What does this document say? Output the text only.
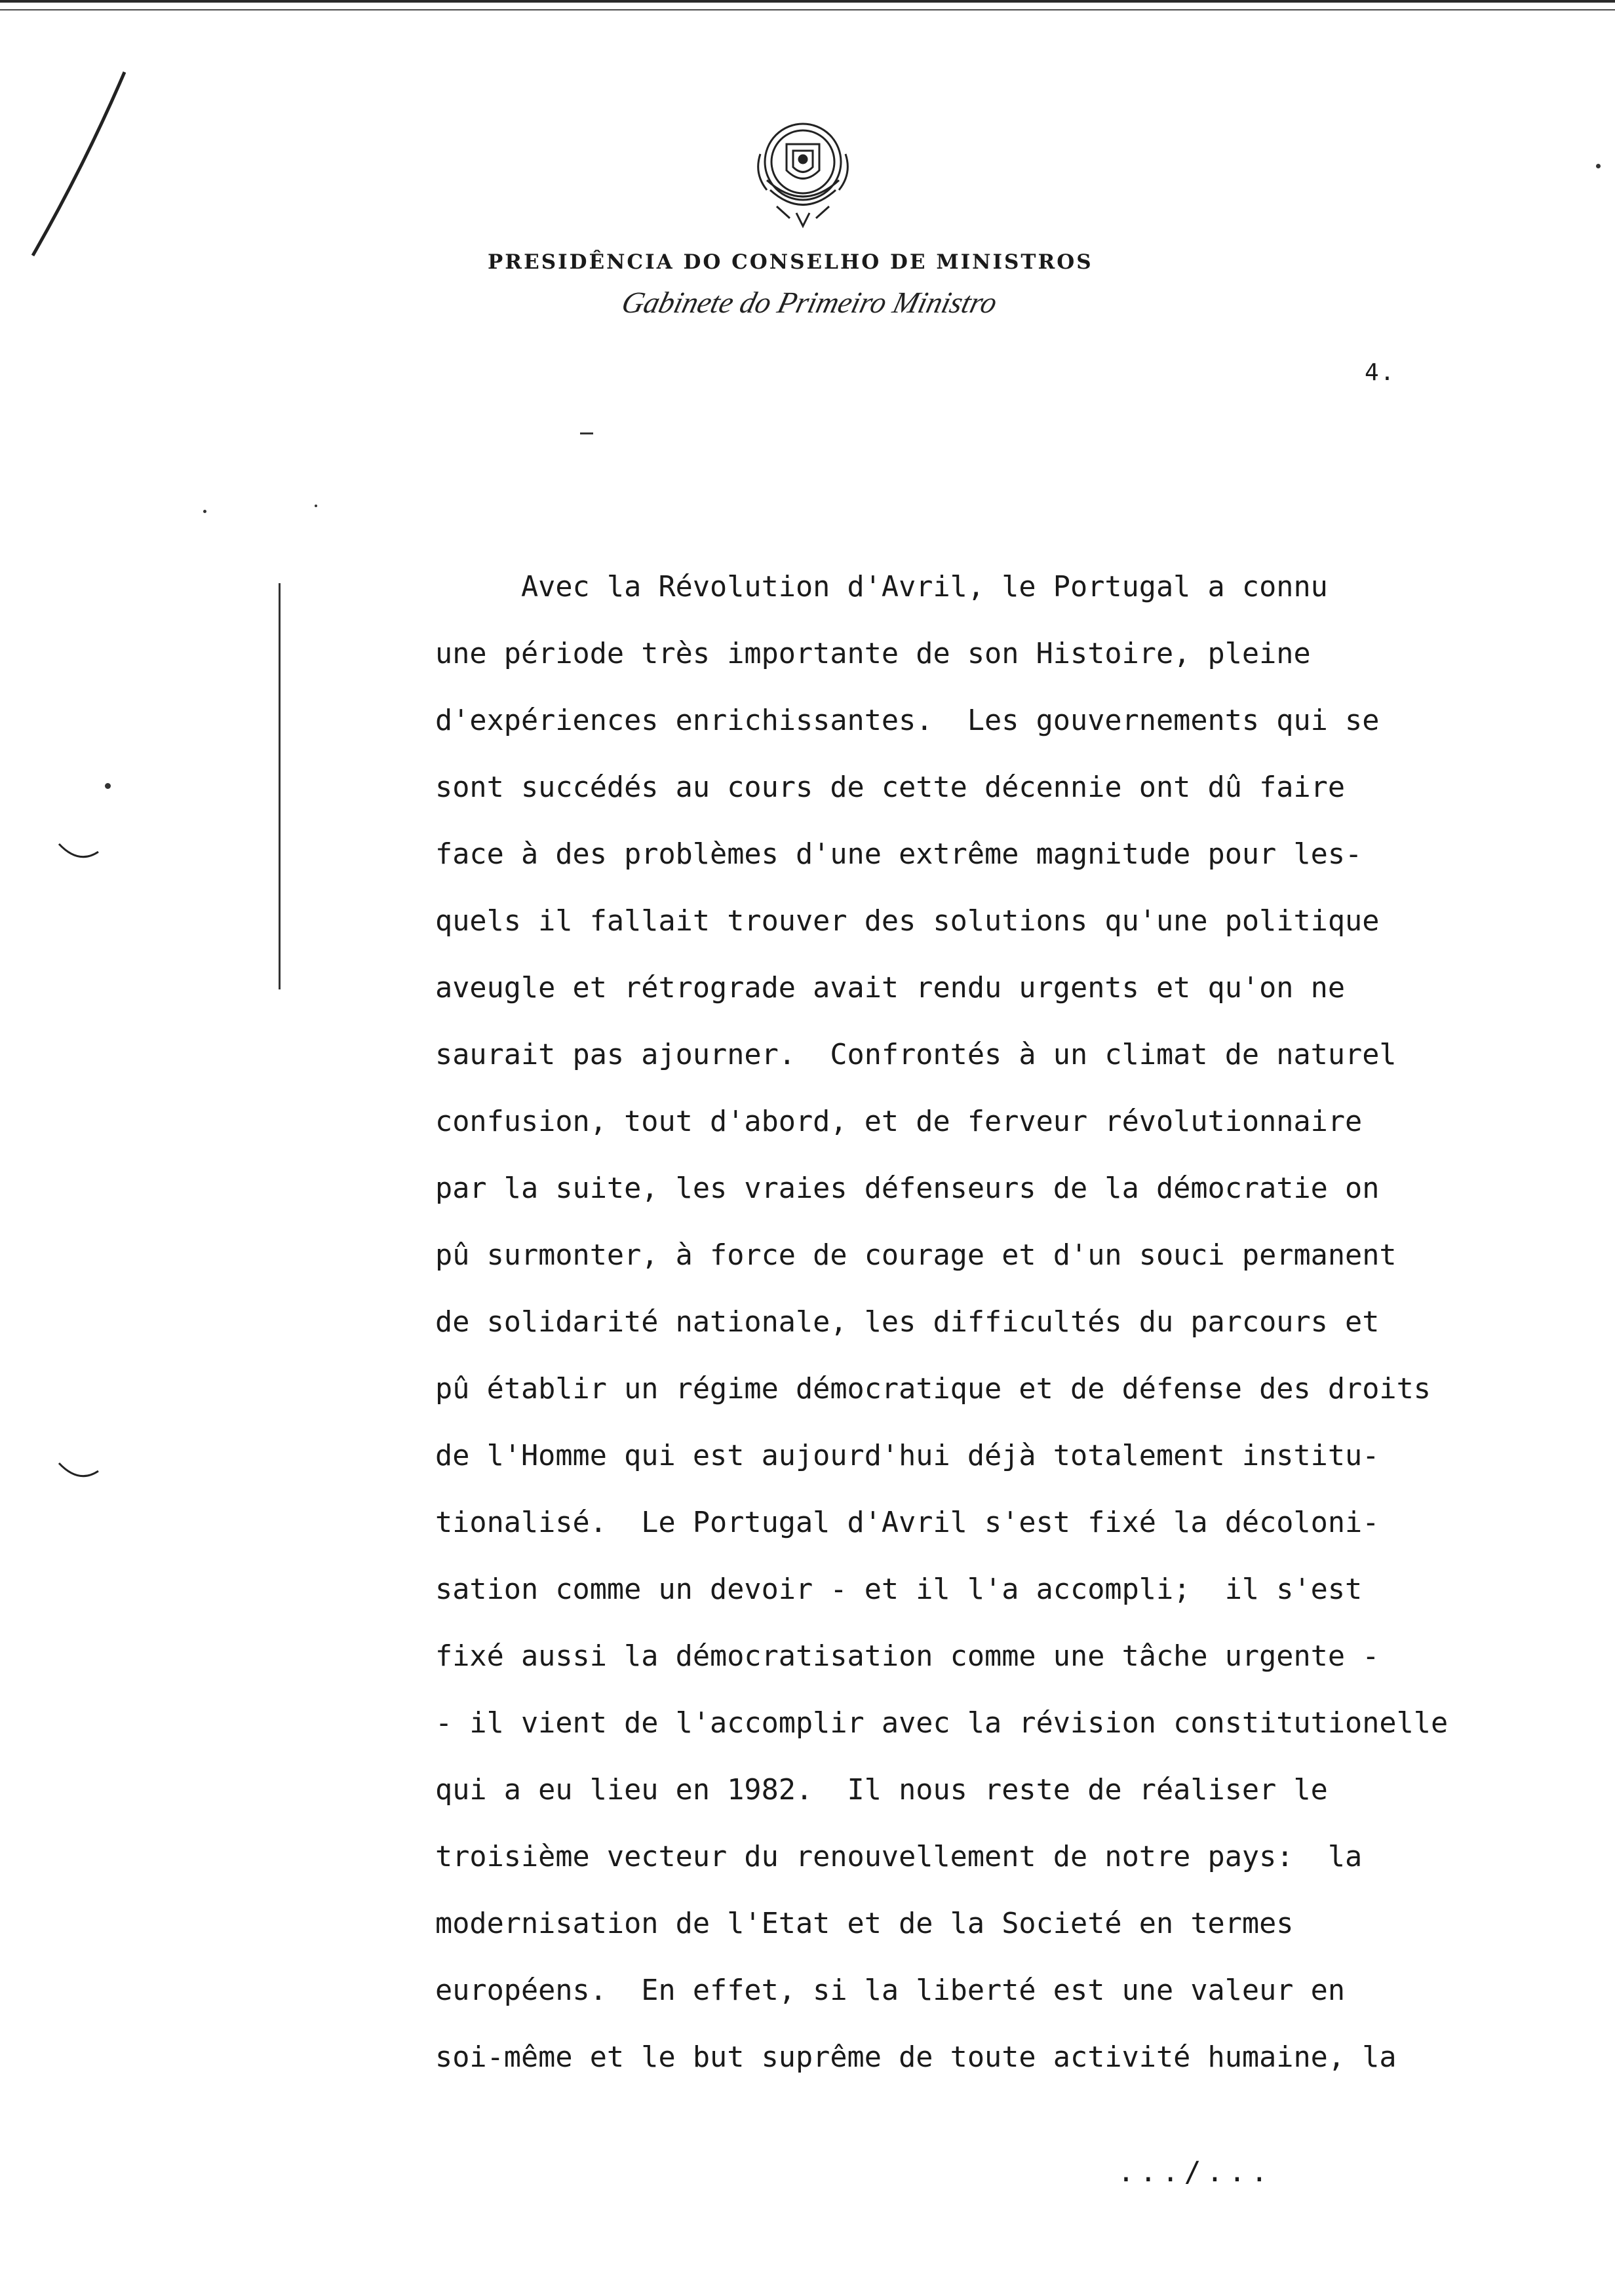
PRESIDÊNCIA DO CONSELHO DE MINISTROS
Gabinete do Primeiro Ministro
4.
Avec la Révolution d'Avril, le Portugal a connu
une période très importante de son Histoire, pleine
d'expériences enrichissantes.  Les gouvernements qui se
sont succédés au cours de cette décennie ont dû faire
face à des problèmes d'une extrême magnitude pour les-
quels il fallait trouver des solutions qu'une politique
aveugle et rétrograde avait rendu urgents et qu'on ne
saurait pas ajourner.  Confrontés à un climat de naturel
confusion, tout d'abord, et de ferveur révolutionnaire
par la suite, les vraies défenseurs de la démocratie on
pû surmonter, à force de courage et d'un souci permanent
de solidarité nationale, les difficultés du parcours et
pû établir un régime démocratique et de défense des droits
de l'Homme qui est aujourd'hui déjà totalement institu-
tionalisé.  Le Portugal d'Avril s'est fixé la décoloni-
sation comme un devoir - et il l'a accompli;  il s'est
fixé aussi la démocratisation comme une tâche urgente -
- il vient de l'accomplir avec la révision constitutionelle
qui a eu lieu en 1982.  Il nous reste de réaliser le
troisième vecteur du renouvellement de notre pays:  la
modernisation de l'Etat et de la Societé en termes
européens.  En effet, si la liberté est une valeur en
soi-même et le but suprême de toute activité humaine, la
.../...
